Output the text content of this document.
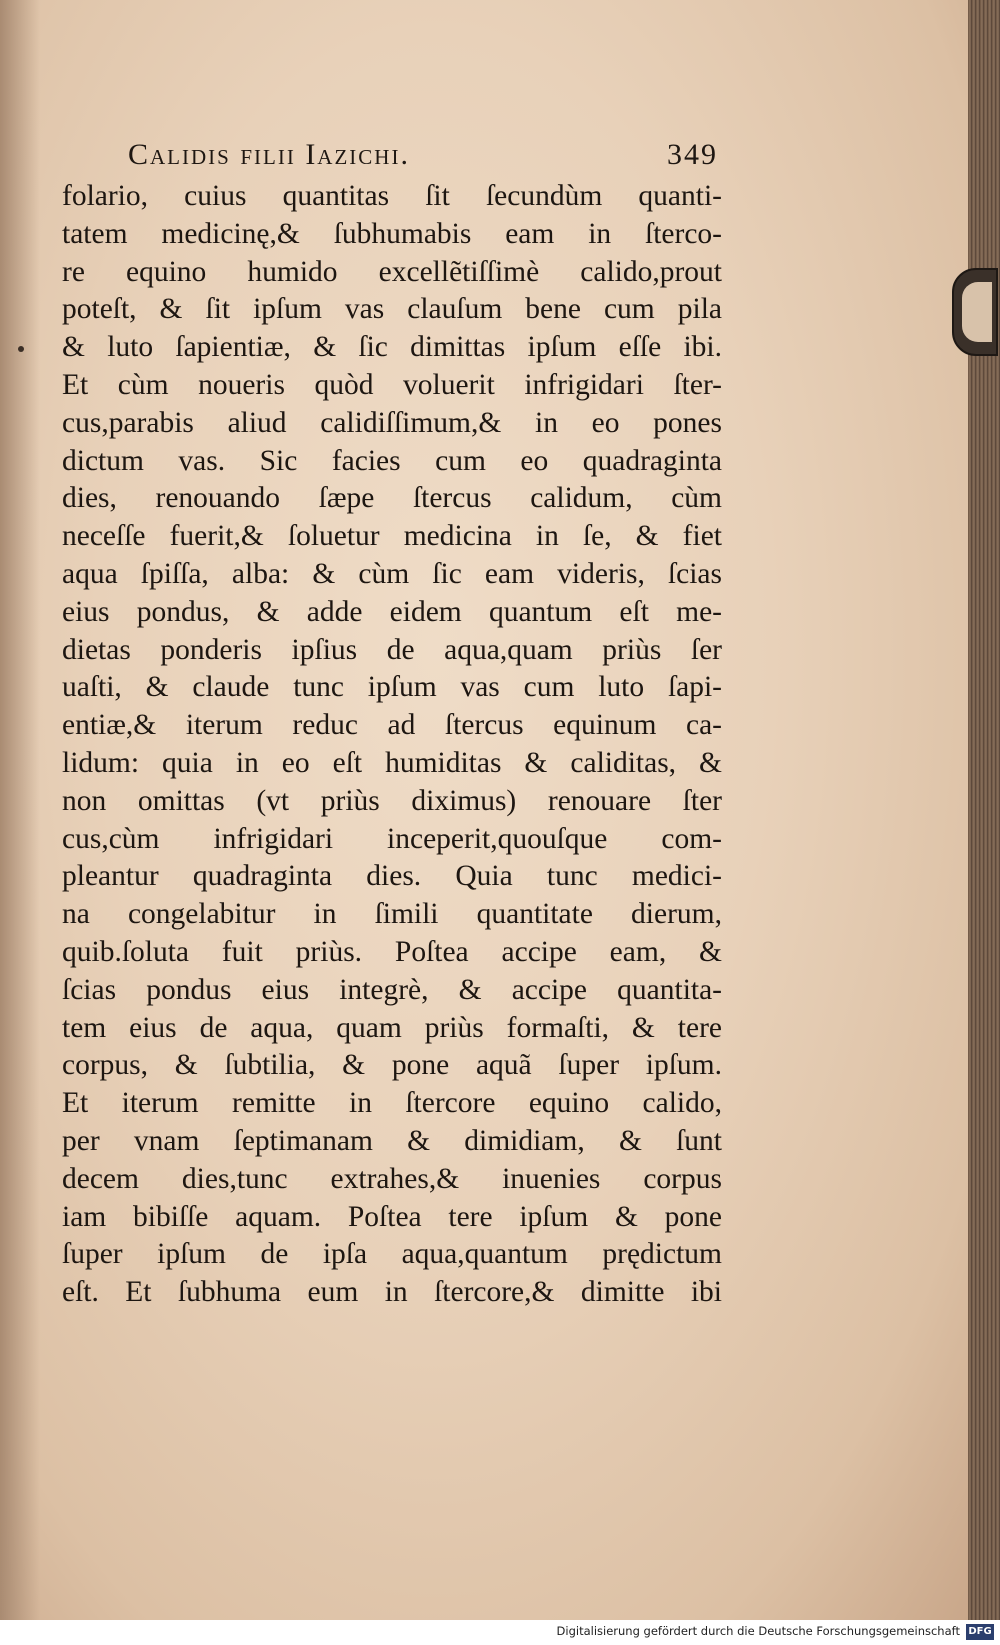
Calidis filii Iazichi.	349
folario, cuius quantitas ſit ſecundùm quanti-
tatem medicinę,& ſubhumabis eam in ſterco-
re equino humido excellẽtiſſimè calido,prout
poteſt, & ſit ipſum vas clauſum bene cum pila
& luto ſapientiæ, & ſic dimittas ipſum eſſe ibi.
Et cùm noueris quòd voluerit infrigidari ſter-
cus,parabis aliud calidiſſimum,& in eo pones
dictum vas. Sic facies cum eo quadraginta
dies, renouando ſæpe ſtercus calidum, cùm
neceſſe fuerit,& ſoluetur medicina in ſe, & fiet
aqua ſpiſſa, alba: & cùm ſic eam videris, ſcias
eius pondus, & adde eidem quantum eſt me-
dietas ponderis ipſius de aqua,quam priùs ſer
uaſti, & claude tunc ipſum vas cum luto ſapi-
entiæ,& iterum reduc ad ſtercus equinum ca-
lidum: quia in eo eſt humiditas & caliditas, &
non omittas (vt priùs diximus) renouare ſter
cus,cùm infrigidari inceperit,quouſque com-
pleantur quadraginta dies. Quia tunc medici-
na congelabitur in ſimili quantitate dierum,
quib.ſoluta fuit priùs. Poſtea accipe eam, &
ſcias pondus eius integrè, & accipe quantita-
tem eius de aqua, quam priùs formaſti, & tere
corpus, & ſubtilia, & pone aquã ſuper ipſum.
Et iterum remitte in ſtercore equino calido,
per vnam ſeptimanam & dimidiam, & ſunt
decem dies,tunc extrahes,& inuenies corpus
iam bibiſſe aquam. Poſtea tere ipſum & pone
ſuper ipſum de ipſa aqua,quantum prędictum
eſt. Et ſubhuma eum in ſtercore,& dimitte ibi
Digitalisierung gefördert durch die Deutsche Forschungsgemeinschaft DFG
